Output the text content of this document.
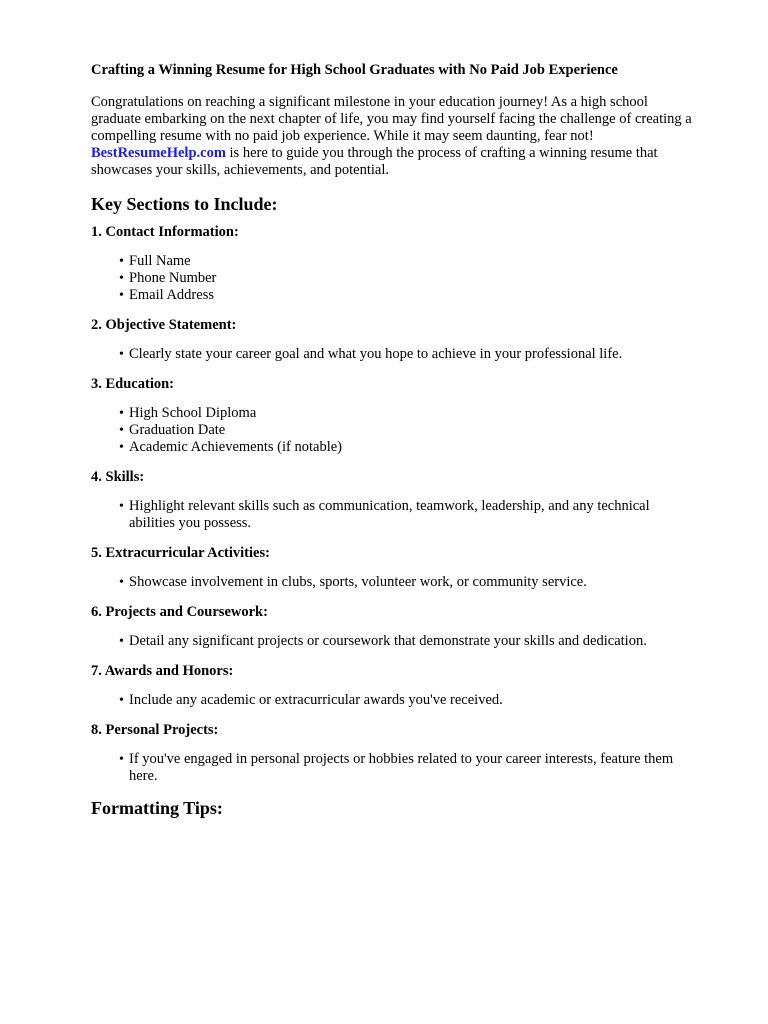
Crafting a Winning Resume for High School Graduates with No Paid Job Experience

Congratulations on reaching a significant milestone in your education journey! As a high school graduate embarking on the next chapter of life, you may find yourself facing the challenge of creating a compelling resume with no paid job experience. While it may seem daunting, fear not!
BestResumeHelp.com is here to guide you through the process of crafting a winning resume that showcases your skills, achievements, and potential.

Key Sections to Include:
1. Contact Information:
• Full Name
• Phone Number
• Email Address
2. Objective Statement:
• Clearly state your career goal and what you hope to achieve in your professional life.
3. Education:
• High School Diploma
• Graduation Date
• Academic Achievements (if notable)
4. Skills:
• Highlight relevant skills such as communication, teamwork, leadership, and any technical abilities you possess.
5. Extracurricular Activities:
• Showcase involvement in clubs, sports, volunteer work, or community service.
6. Projects and Coursework:
• Detail any significant projects or coursework that demonstrate your skills and dedication.
7. Awards and Honors:
• Include any academic or extracurricular awards you've received.
8. Personal Projects:
• If you've engaged in personal projects or hobbies related to your career interests, feature them here.
Formatting Tips:
